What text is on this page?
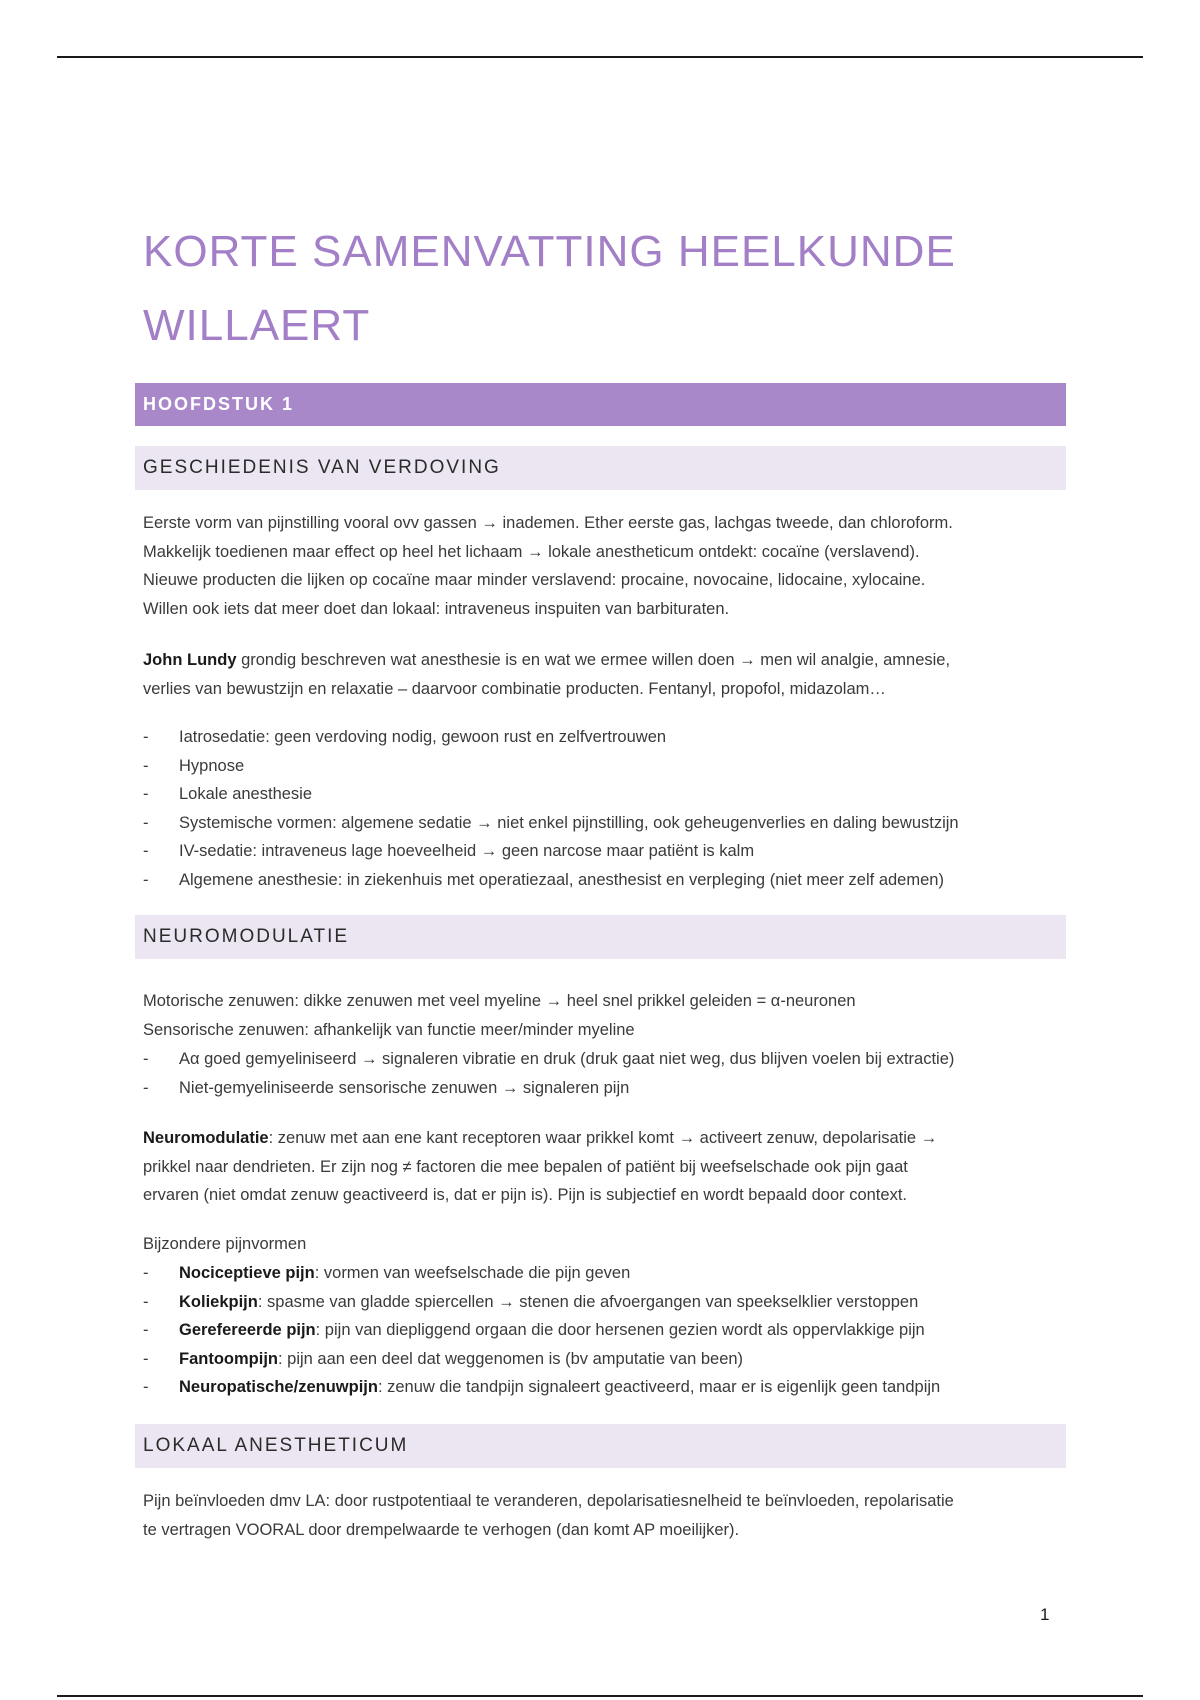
KORTE SAMENVATTING HEELKUNDE
WILLAERT
HOOFDSTUK 1
GESCHIEDENIS VAN VERDOVING

Eerste vorm van pijnstilling vooral ovv gassen → inademen. Ether eerste gas, lachgas tweede, dan chloroform.
Makkelijk toedienen maar effect op heel het lichaam → lokale anestheticum ontdekt: cocaïne (verslavend).
Nieuwe producten die lijken op cocaïne maar minder verslavend: procaine, novocaine, lidocaine, xylocaine.
Willen ook iets dat meer doet dan lokaal: intraveneus inspuiten van barbituraten.

John Lundy grondig beschreven wat anesthesie is en wat we ermee willen doen → men wil analgie, amnesie,
verlies van bewustzijn en relaxatie – daarvoor combinatie producten. Fentanyl, propofol, midazolam…

- Iatrosedatie: geen verdoving nodig, gewoon rust en zelfvertrouwen
- Hypnose
- Lokale anesthesie
- Systemische vormen: algemene sedatie → niet enkel pijnstilling, ook geheugenverlies en daling bewustzijn
- IV-sedatie: intraveneus lage hoeveelheid → geen narcose maar patiënt is kalm
- Algemene anesthesie: in ziekenhuis met operatiezaal, anesthesist en verpleging (niet meer zelf ademen)
NEUROMODULATIE

Motorische zenuwen: dikke zenuwen met veel myeline → heel snel prikkel geleiden = α-neuronen
Sensorische zenuwen: afhankelijk van functie meer/minder myeline

- Aα goed gemyeliniseerd → signaleren vibratie en druk (druk gaat niet weg, dus blijven voelen bij extractie)
- Niet-gemyeliniseerde sensorische zenuwen → signaleren pijn

Neuromodulatie: zenuw met aan ene kant receptoren waar prikkel komt → activeert zenuw, depolarisatie →
prikkel naar dendrieten. Er zijn nog ≠ factoren die mee bepalen of patiënt bij weefselschade ook pijn gaat
ervaren (niet omdat zenuw geactiveerd is, dat er pijn is). Pijn is subjectief en wordt bepaald door context.

Bijzondere pijnvormen

- Nociceptieve pijn: vormen van weefselschade die pijn geven
- Koliekpijn: spasme van gladde spiercellen → stenen die afvoergangen van speekselklier verstoppen
- Gerefereerde pijn: pijn van diepliggend orgaan die door hersenen gezien wordt als oppervlakkige pijn
- Fantoompijn: pijn aan een deel dat weggenomen is (bv amputatie van been)
- Neuropatische/zenuwpijn: zenuw die tandpijn signaleert geactiveerd, maar er is eigenlijk geen tandpijn
LOKAAL ANESTHETICUM

Pijn beïnvloeden dmv LA: door rustpotentiaal te veranderen, depolarisatiesnelheid te beïnvloeden, repolarisatie
te vertragen VOORAL door drempelwaarde te verhogen (dan komt AP moeilijker).

1
